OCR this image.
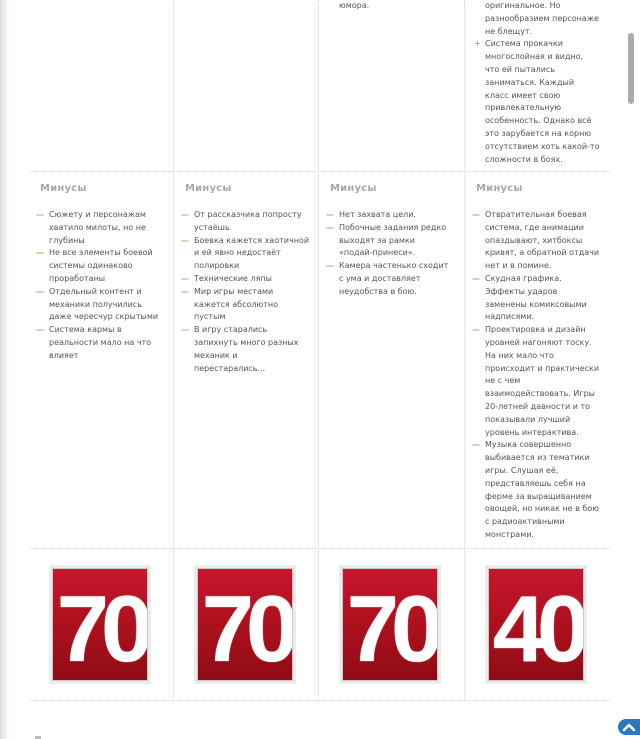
юмора.	оригинальное. Но разнообразием персонаже не блещут.
+ Система прокачки многослойная и видно, что ей пытались заниматься. Каждый класс имеет свою привлекательную особенность. Однако всё это зарубается на корню отсутствием хоть какой-то сложности в боях.
Минусы
— Сюжету и персонажам хватило милоты, но не глубины
— Не все элементы боевой системы одинаково проработаны
— Отдельный контент и механики получились даже чересчур скрытыми
— Система кармы в реальности мало на что влияет
Минусы
— От рассказчика попросту устаёшь
— Боевка кажется хаотичной и ей явно недостаёт полировки
— Технические ляпы
— Мир игры местами кажется абсолютно пустым
— В игру старались запихнуть много разных механик и перестарались...
Минусы
— Нет захвата цели.
— Побочные задания редко выходят за рамки «подай-принеси».
— Камера частенько сходит с ума и доставляет неудобства в бою.
Минусы
— Отвратительная боевая система, где анимации опаздывают, хитбоксы кривят, а обратной отдачи нет и в помине.
— Скудная графика. Эффекты ударов заменены комиксовыми надписями.
— Проектировка и дизайн уровней нагоняют тоску. На них мало что происходит и практически не с чем взаимодействовать. Игры 20-летней давности и то показывали лучший уровень интерактива.
— Музыка совершенно выбивается из тематики игры. Слушая её, представляешь себя на ферме за выращиванием овощей, но никак не в бою с радиоактивными монстрами.
70 70 70 40
